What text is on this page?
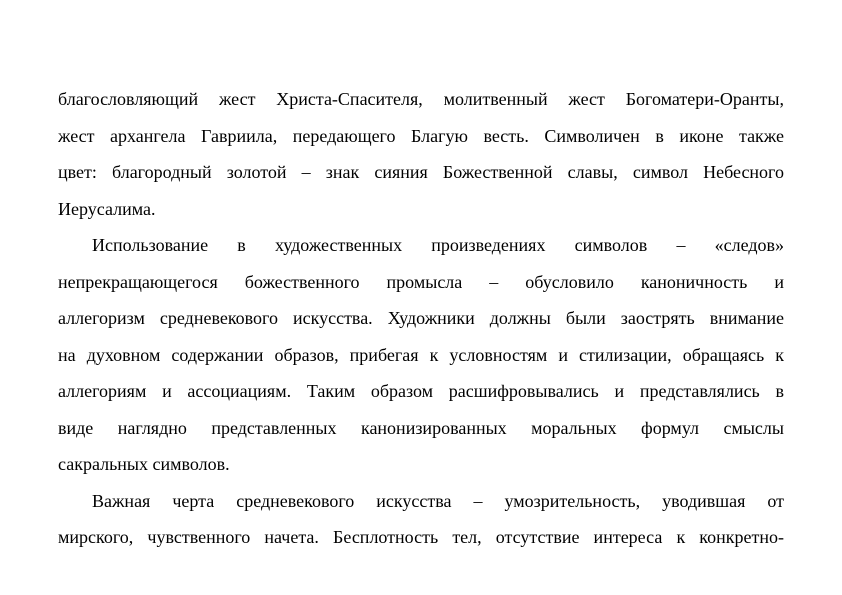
благословляющий жест Христа-Спасителя, молитвенный жест Богоматери-Оранты,
жест архангела Гавриила, передающего Благую весть. Символичен в иконе также
цвет: благородный золотой – знак сияния Божественной славы, символ Небесного
Иерусалима.
Использование в художественных произведениях символов – «следов»
непрекращающегося божественного промысла – обусловило каноничность и
аллегоризм средневекового искусства. Художники должны были заострять внимание
на духовном содержании образов, прибегая к условностям и стилизации, обращаясь к
аллегориям и ассоциациям. Таким образом расшифровывались и представлялись в
виде наглядно представленных канонизированных моральных формул смыслы
сакральных символов.
Важная черта средневекового искусства – умозрительность, уводившая от
мирского, чувственного начета. Бесплотность тел, отсутствие интереса к конкретно-
